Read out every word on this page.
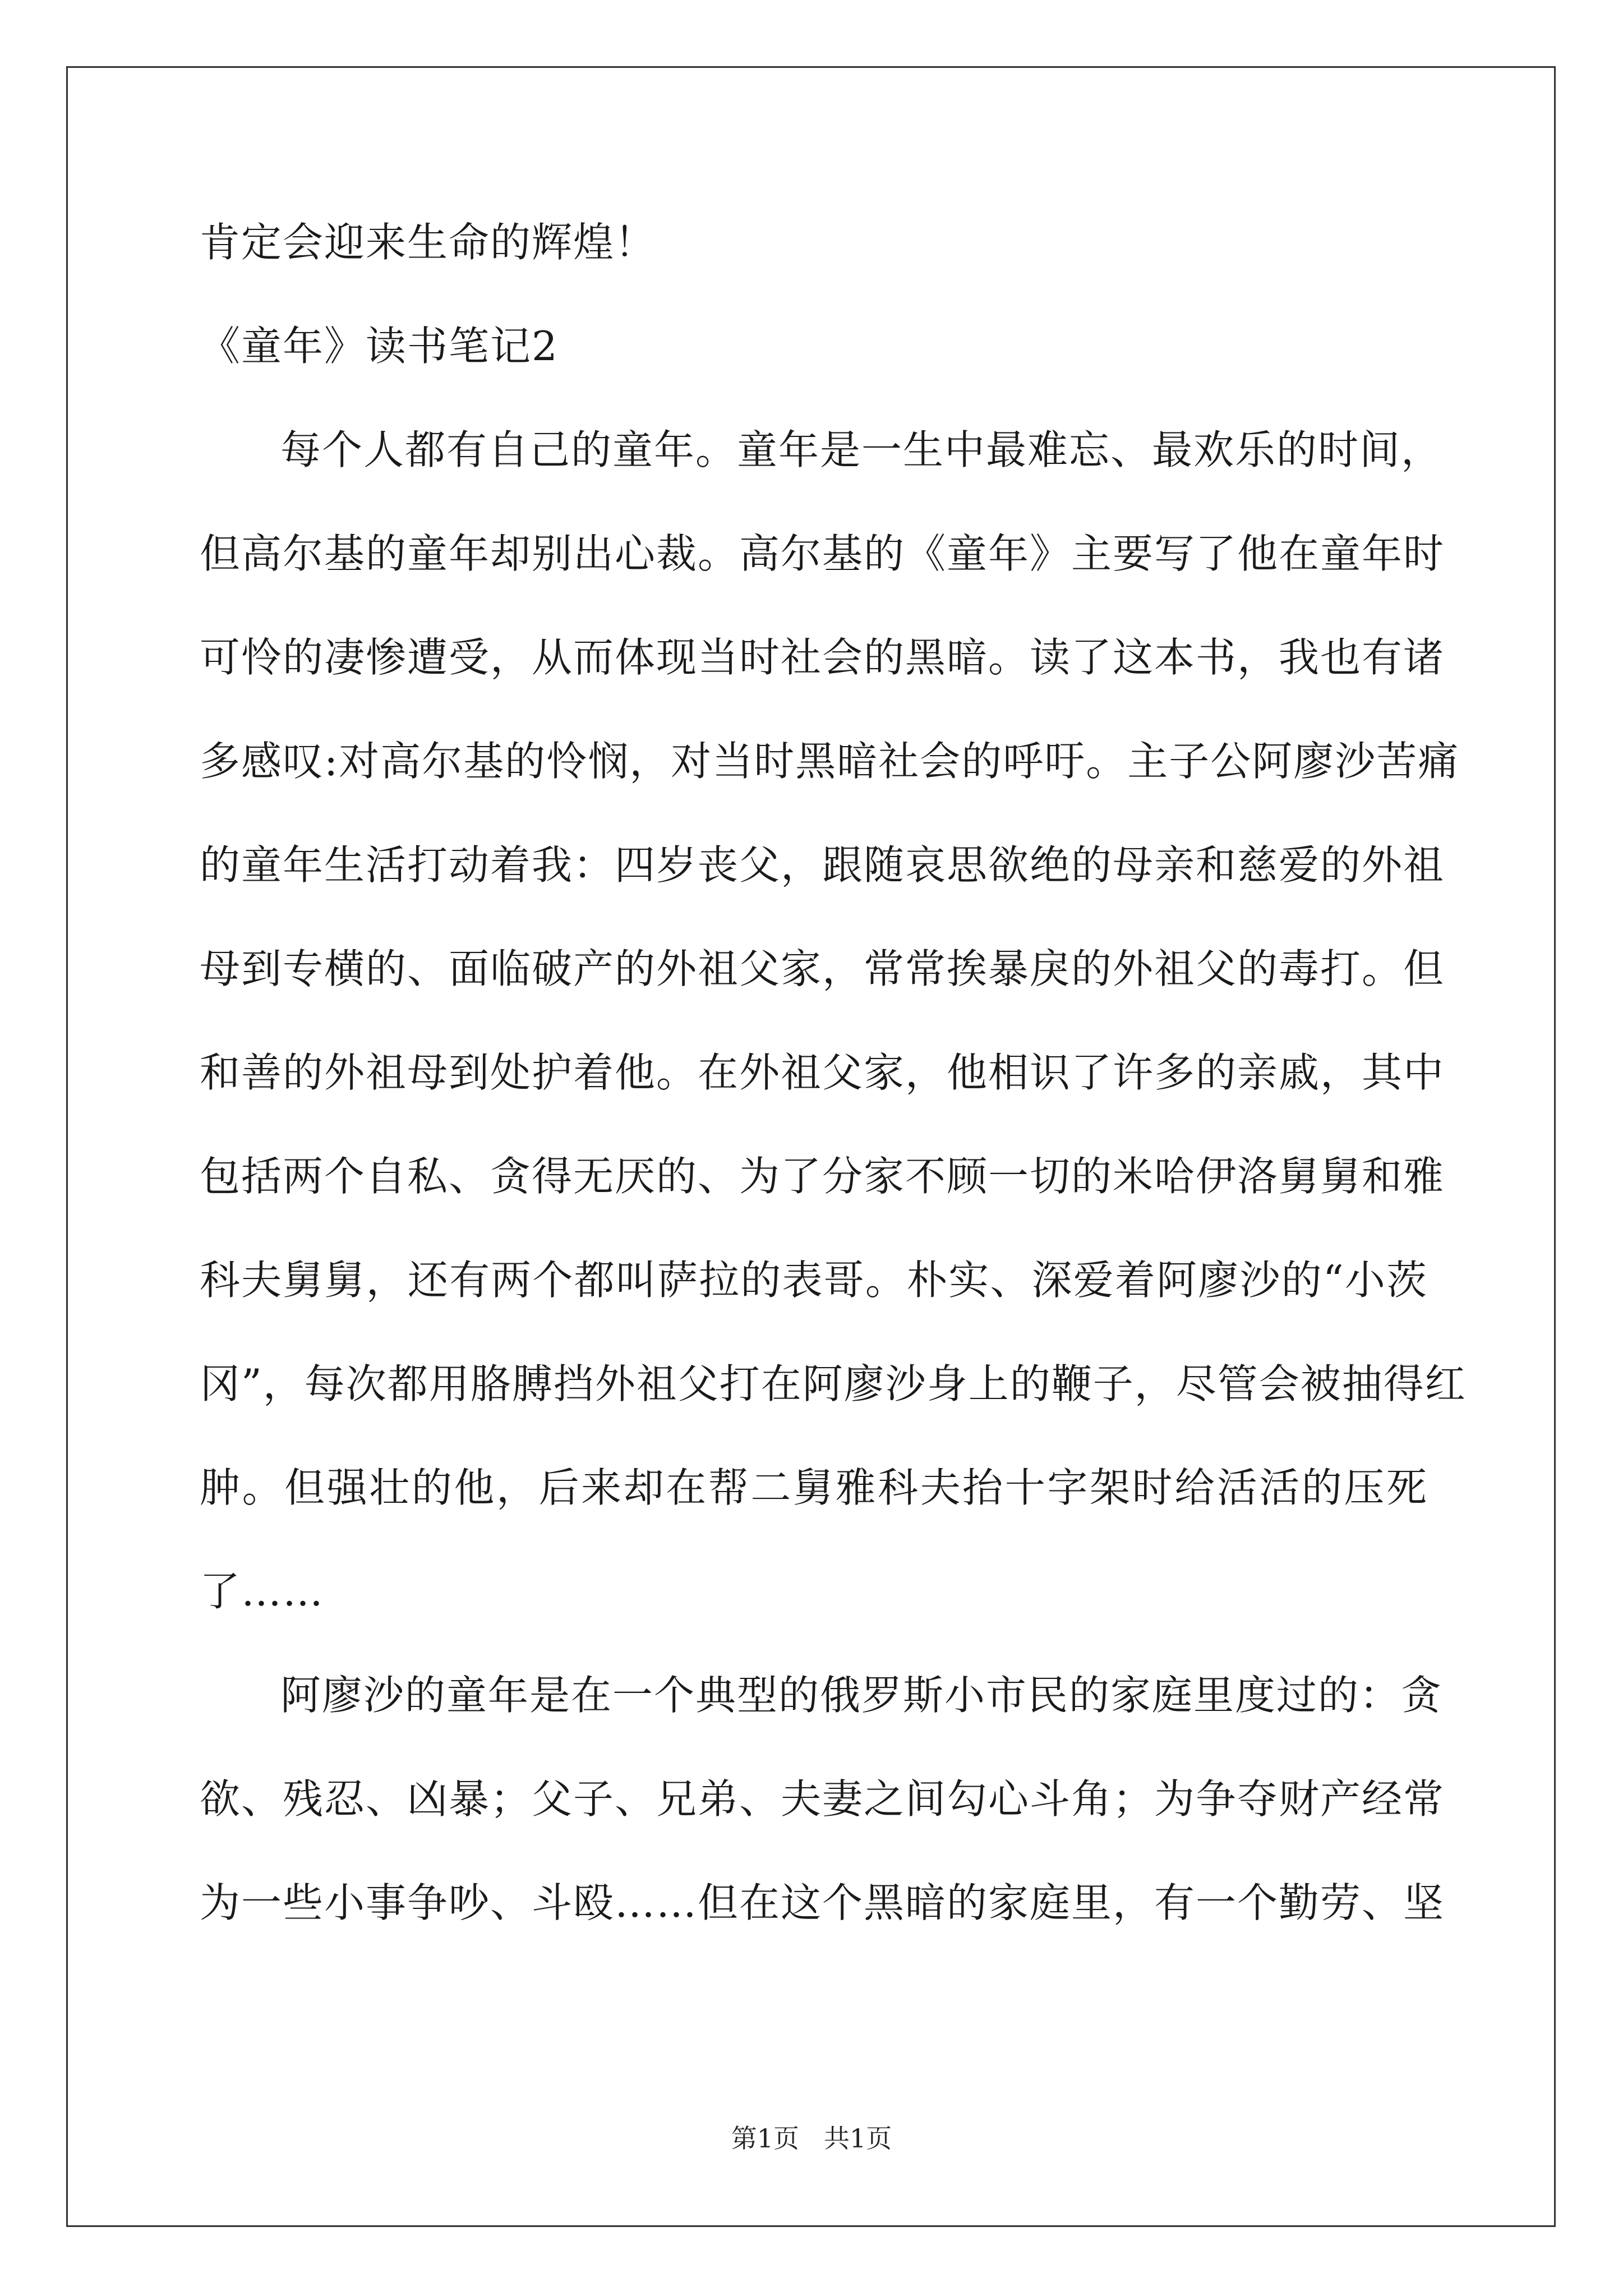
肯定会迎来生命的辉煌！
《童年》读书笔记2
每个人都有自己的童年。童年是一生中最难忘、最欢乐的时间，
但高尔基的童年却别出心裁。高尔基的《童年》主要写了他在童年时
可怜的凄惨遭受，从而体现当时社会的黑暗。读了这本书，我也有诸
多感叹:对高尔基的怜悯，对当时黑暗社会的呼吁。主子公阿廖沙苦痛
的童年生活打动着我：四岁丧父，跟随哀思欲绝的母亲和慈爱的外祖
母到专横的、面临破产的外祖父家，常常挨暴戾的外祖父的毒打。但
和善的外祖母到处护着他。在外祖父家，他相识了许多的亲戚，其中
包括两个自私、贪得无厌的、为了分家不顾一切的米哈伊洛舅舅和雅
科夫舅舅，还有两个都叫萨拉的表哥。朴实、深爱着阿廖沙的“小茨
冈”，每次都用胳膊挡外祖父打在阿廖沙身上的鞭子，尽管会被抽得红
肿。但强壮的他，后来却在帮二舅雅科夫抬十字架时给活活的压死
了……
阿廖沙的童年是在一个典型的俄罗斯小市民的家庭里度过的：贪
欲、残忍、凶暴；父子、兄弟、夫妻之间勾心斗角；为争夺财产经常
为一些小事争吵、斗殴……但在这个黑暗的家庭里，有一个勤劳、坚
第1页 共1页
